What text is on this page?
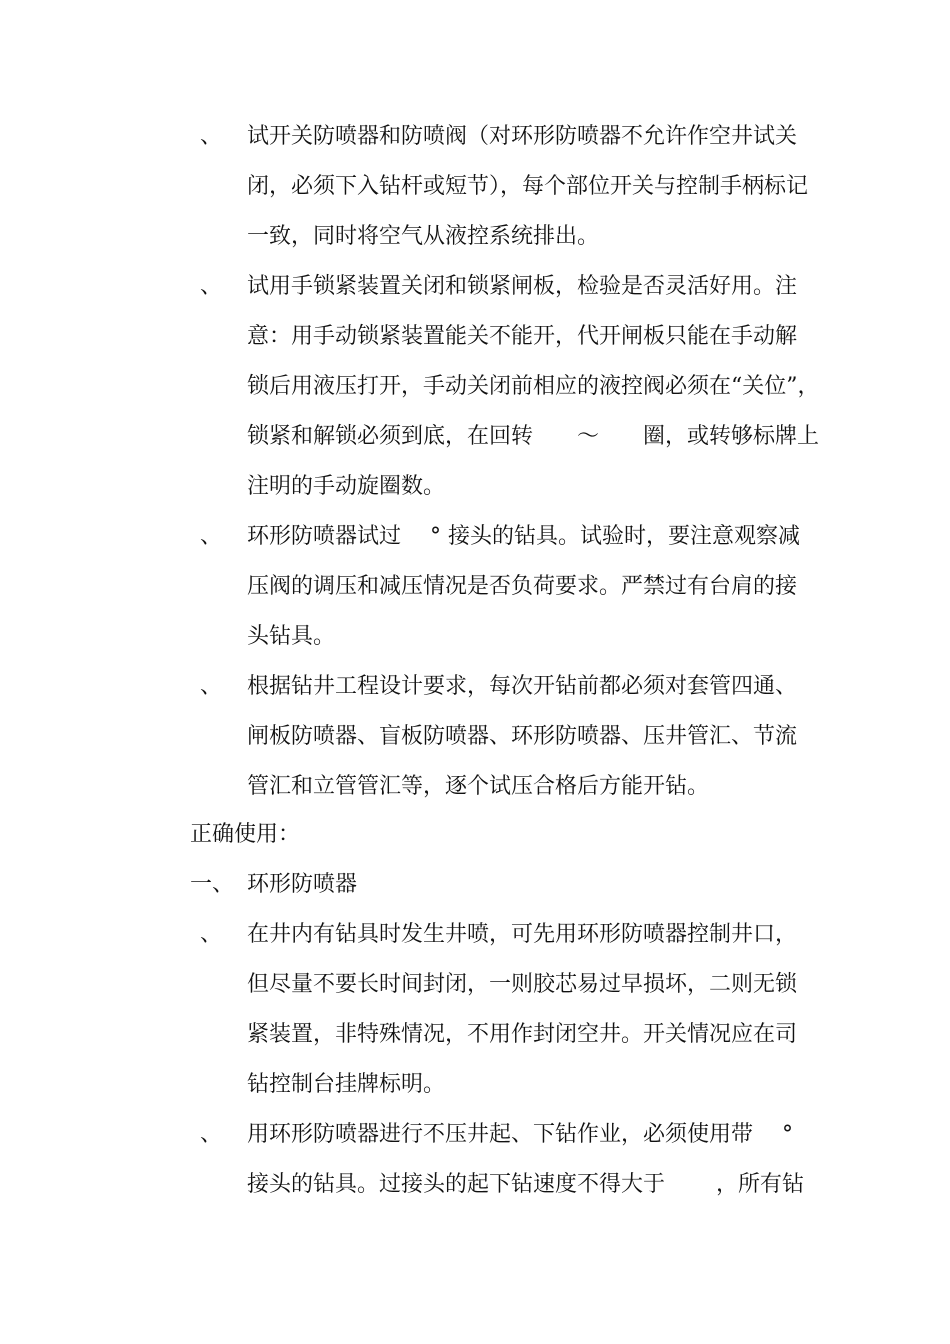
、 试开关防喷器和防喷阀（对环形防喷器不允许作空井试关
闭，必须下入钻杆或短节），每个部位开关与控制手柄标记
一致，同时将空气从液控系统排出。
、 试用手锁紧装置关闭和锁紧闸板，检验是否灵活好用。注
意：用手动锁紧装置能关不能开，代开闸板只能在手动解
锁后用液压打开，手动关闭前相应的液控阀必须在“关位”，
锁紧和解锁必须到底，在回转　　～　　圈，或转够标牌上
注明的手动旋圈数。
、 环形防喷器试过　 ° 接头的钻具。试验时，要注意观察减
压阀的调压和减压情况是否负荷要求。严禁过有台肩的接
头钻具。
、 根据钻井工程设计要求，每次开钻前都必须对套管四通、
闸板防喷器、盲板防喷器、环形防喷器、压井管汇、节流
管汇和立管管汇等，逐个试压合格后方能开钻。
正确使用：
一、 环形防喷器
、 在井内有钻具时发生井喷，可先用环形防喷器控制井口，
但尽量不要长时间封闭，一则胶芯易过早损坏，二则无锁
紧装置，非特殊情况，不用作封闭空井。开关情况应在司
钻控制台挂牌标明。
、 用环形防喷器进行不压井起、下钻作业，必须使用带　 °
接头的钻具。过接头的起下钻速度不得大于　　 ，所有钻
